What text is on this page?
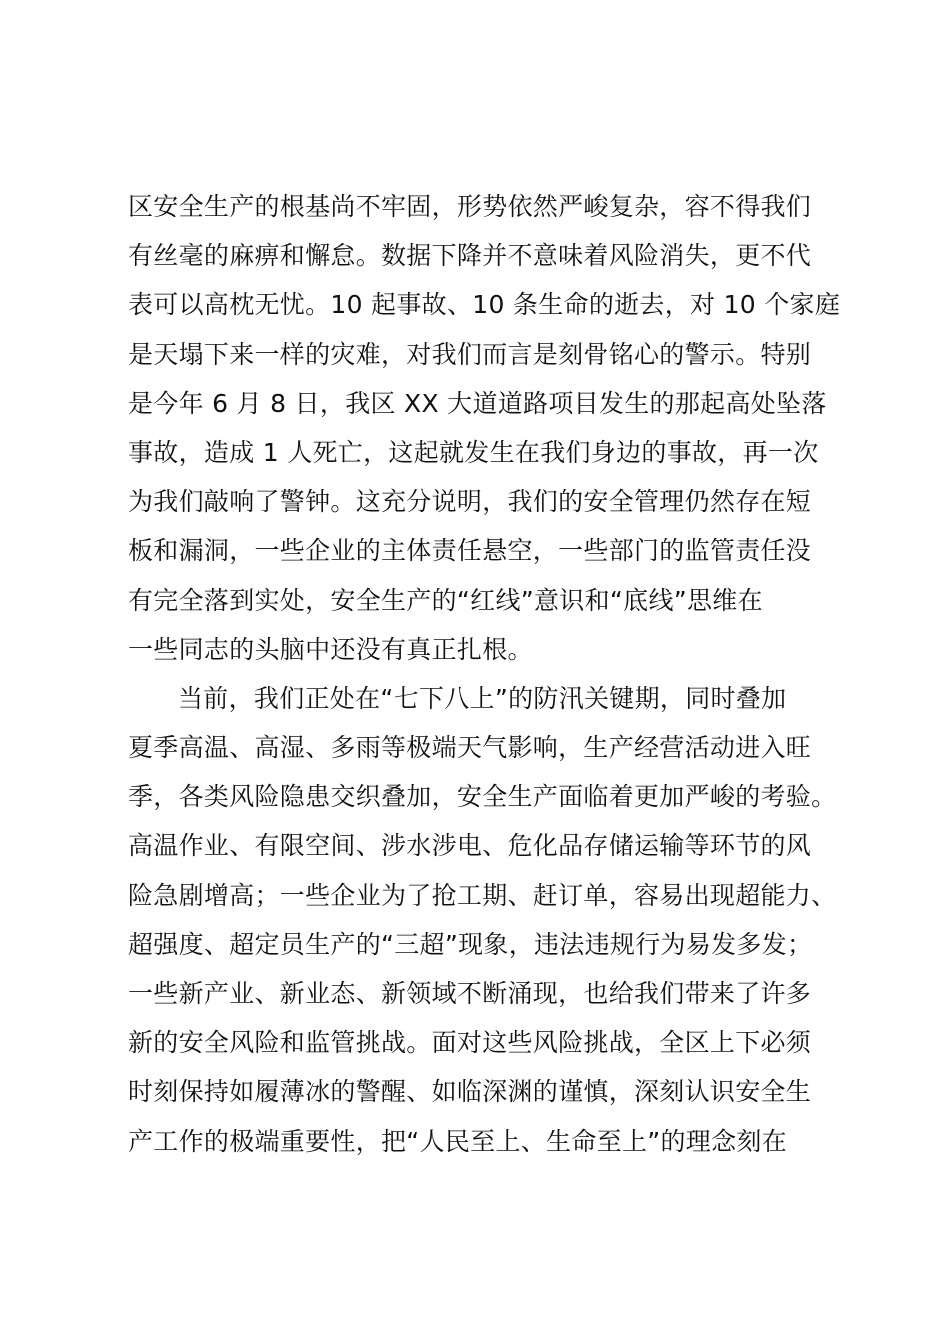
区安全生产的根基尚不牢固，形势依然严峻复杂，容不得我们
有丝毫的麻痹和懈怠。数据下降并不意味着风险消失，更不代
表可以高枕无忧。10 起事故、10 条生命的逝去，对 10 个家庭
是天塌下来一样的灾难，对我们而言是刻骨铭心的警示。特别
是今年 6 月 8 日，我区 XX 大道道路项目发生的那起高处坠落
事故，造成 1 人死亡，这起就发生在我们身边的事故，再一次
为我们敲响了警钟。这充分说明，我们的安全管理仍然存在短
板和漏洞，一些企业的主体责任悬空，一些部门的监管责任没
有完全落到实处，安全生产的“红线”意识和“底线”思维在
一些同志的头脑中还没有真正扎根。
当前，我们正处在“七下八上”的防汛关键期，同时叠加
夏季高温、高湿、多雨等极端天气影响，生产经营活动进入旺
季，各类风险隐患交织叠加，安全生产面临着更加严峻的考验。
高温作业、有限空间、涉水涉电、危化品存储运输等环节的风
险急剧增高；一些企业为了抢工期、赶订单，容易出现超能力、
超强度、超定员生产的“三超”现象，违法违规行为易发多发；
一些新产业、新业态、新领域不断涌现，也给我们带来了许多
新的安全风险和监管挑战。面对这些风险挑战，全区上下必须
时刻保持如履薄冰的警醒、如临深渊的谨慎，深刻认识安全生
产工作的极端重要性，把“人民至上、生命至上”的理念刻在
